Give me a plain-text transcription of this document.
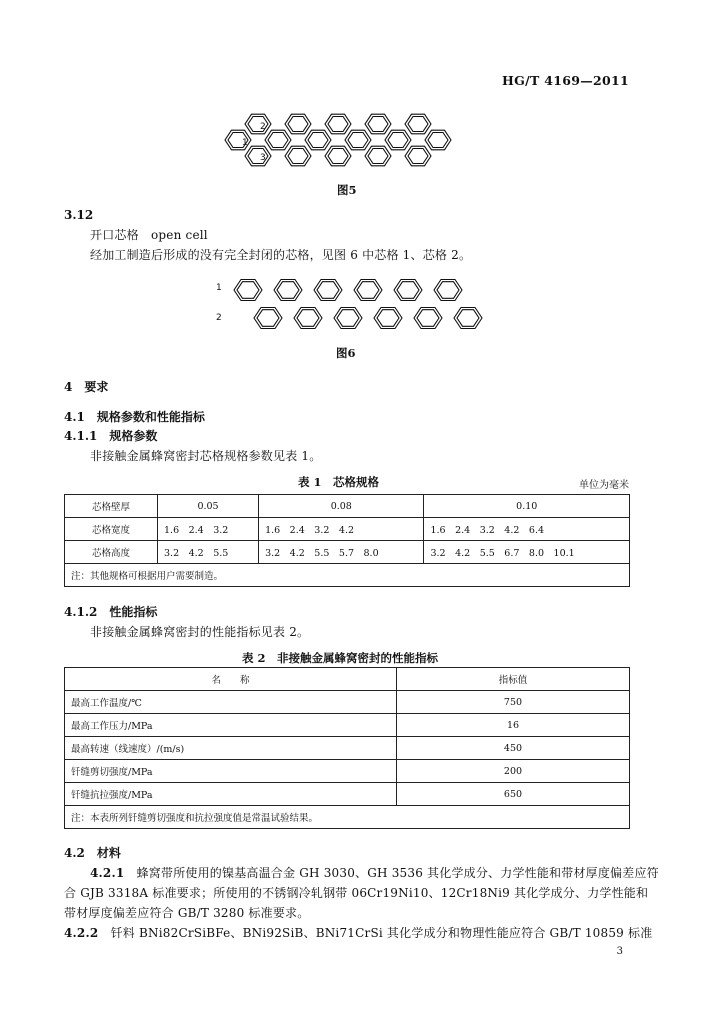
HG/T 4169—2011
1
2
3
图5
3.12
开口芯格　open cell
经加工制造后形成的没有完全封闭的芯格，见图 6 中芯格 1、芯格 2。
1
2
图6
4　要求
4.1　规格参数和性能指标
4.1.1　规格参数
非接触金属蜂窝密封芯格规格参数见表 1。
表 1　芯格规格	单位为毫米
芯格壁厚	0.05	0.08	0.10
芯格宽度	1.6　2.4　3.2	1.6　2.4　3.2　4.2	1.6　2.4　3.2　4.2　6.4
芯格高度	3.2　4.2　5.5	3.2　4.2　5.5　5.7　8.0	3.2　4.2　5.5　6.7　8.0　10.1
注：其他规格可根据用户需要制造。			
4.1.2　性能指标
非接触金属蜂窝密封的性能指标见表 2。
表 2　非接触金属蜂窝密封的性能指标
名　　称	指标值
最高工作温度/℃	750
最高工作压力/MPa	16
最高转速（线速度）/(m/s)	450
钎缝剪切强度/MPa	200
钎缝抗拉强度/MPa	650
注：本表所列钎缝剪切强度和抗拉强度值是常温试验结果。	
4.2　材料
4.2.1　 蜂窝带所使用的镍基高温合金 GH 3030、GH 3536 其化学成分、力学性能和带材厚度偏差应符
合 GJB 3318A 标准要求；所使用的不锈钢冷轧钢带 06Cr19Ni10、12Cr18Ni9 其化学成分、力学性能和
带材厚度偏差应符合 GB/T 3280 标准要求。
4.2.2　 钎料 BNi82CrSiBFe、BNi92SiB、BNi71CrSi 其化学成分和物理性能应符合 GB/T 10859 标准
3
